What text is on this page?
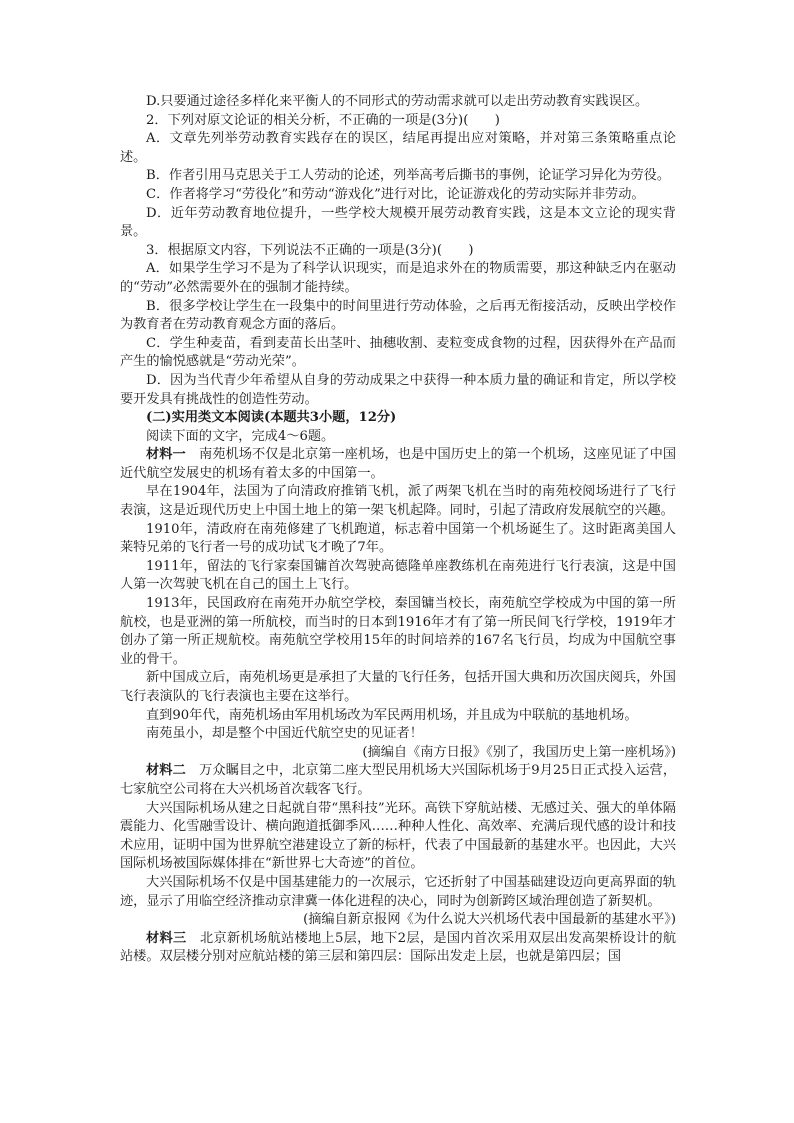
D.只要通过途径多样化来平衡人的不同形式的劳动需求就可以走出劳动教育实践误区。

2．下列对原文论证的相关分析，不正确的一项是(3分)(　　)

A．文章先列举劳动教育实践存在的误区，结尾再提出应对策略，并对第三条策略重点论述。

B．作者引用马克思关于工人劳动的论述，列举高考后撕书的事例，论证学习异化为劳役。

C．作者将学习“劳役化”和劳动“游戏化”进行对比，论证游戏化的劳动实际并非劳动。

D．近年劳动教育地位提升，一些学校大规模开展劳动教育实践，这是本文立论的现实背景。

3．根据原文内容，下列说法不正确的一项是(3分)(　　)

A．如果学生学习不是为了科学认识现实，而是追求外在的物质需要，那这种缺乏内在驱动的“劳动”必然需要外在的强制才能持续。

B．很多学校让学生在一段集中的时间里进行劳动体验，之后再无衔接活动，反映出学校作为教育者在劳动教育观念方面的落后。

C．学生种麦苗，看到麦苗长出茎叶、抽穗收割、麦粒变成食物的过程，因获得外在产品而产生的愉悦感就是“劳动光荣”。

D．因为当代青少年希望从自身的劳动成果之中获得一种本质力量的确证和肯定，所以学校要开发具有挑战性的创造性劳动。

(二)实用类文本阅读(本题共3小题，12分)

阅读下面的文字，完成4～6题。

材料一　 南苑机场不仅是北京第一座机场，也是中国历史上的第一个机场，这座见证了中国近代航空发展史的机场有着太多的中国第一。

早在1904年，法国为了向清政府推销飞机，派了两架飞机在当时的南苑校阅场进行了飞行表演，这是近现代历史上中国土地上的第一架飞机起降。同时，引起了清政府发展航空的兴趣。

1910年，清政府在南苑修建了飞机跑道，标志着中国第一个机场诞生了。这时距离美国人莱特兄弟的飞行者一号的成功试飞才晚了7年。

1911年，留法的飞行家秦国镛首次驾驶高德隆单座教练机在南苑进行飞行表演，这是中国人第一次驾驶飞机在自己的国土上飞行。

1913年，民国政府在南苑开办航空学校，秦国镛当校长，南苑航空学校成为中国的第一所航校，也是亚洲的第一所航校，而当时的日本到1916年才有了第一所民间飞行学校，1919年才创办了第一所正规航校。南苑航空学校用15年的时间培养的167名飞行员，均成为中国航空事业的骨干。

新中国成立后，南苑机场更是承担了大量的飞行任务，包括开国大典和历次国庆阅兵，外国飞行表演队的飞行表演也主要在这举行。

直到90年代，南苑机场由军用机场改为军民两用机场，并且成为中联航的基地机场。

南苑虽小，却是整个中国近代航空史的见证者！

(摘编自《南方日报》《别了，我国历史上第一座机场》)

材料二　 万众瞩目之中，北京第二座大型民用机场大兴国际机场于9月25日正式投入运营，七家航空公司将在大兴机场首次载客飞行。

大兴国际机场从建之日起就自带“黑科技”光环。高铁下穿航站楼、无感过关、强大的单体隔震能力、化雪融雪设计、横向跑道抵御季风……种种人性化、高效率、充满后现代感的设计和技术应用，证明中国为世界航空港建设立了新的标杆，代表了中国最新的基建水平。也因此，大兴国际机场被国际媒体排在“新世界七大奇迹”的首位。

大兴国际机场不仅是中国基建能力的一次展示，它还折射了中国基础建设迈向更高界面的轨迹，显示了用临空经济推动京津冀一体化进程的决心，同时为创新跨区域治理创造了新契机。

(摘编自新京报网《为什么说大兴机场代表中国最新的基建水平》)

材料三　 北京新机场航站楼地上5层，地下2层，是国内首次采用双层出发高架桥设计的航站楼。双层楼分别对应航站楼的第三层和第四层：国际出发走上层，也就是第四层；国
